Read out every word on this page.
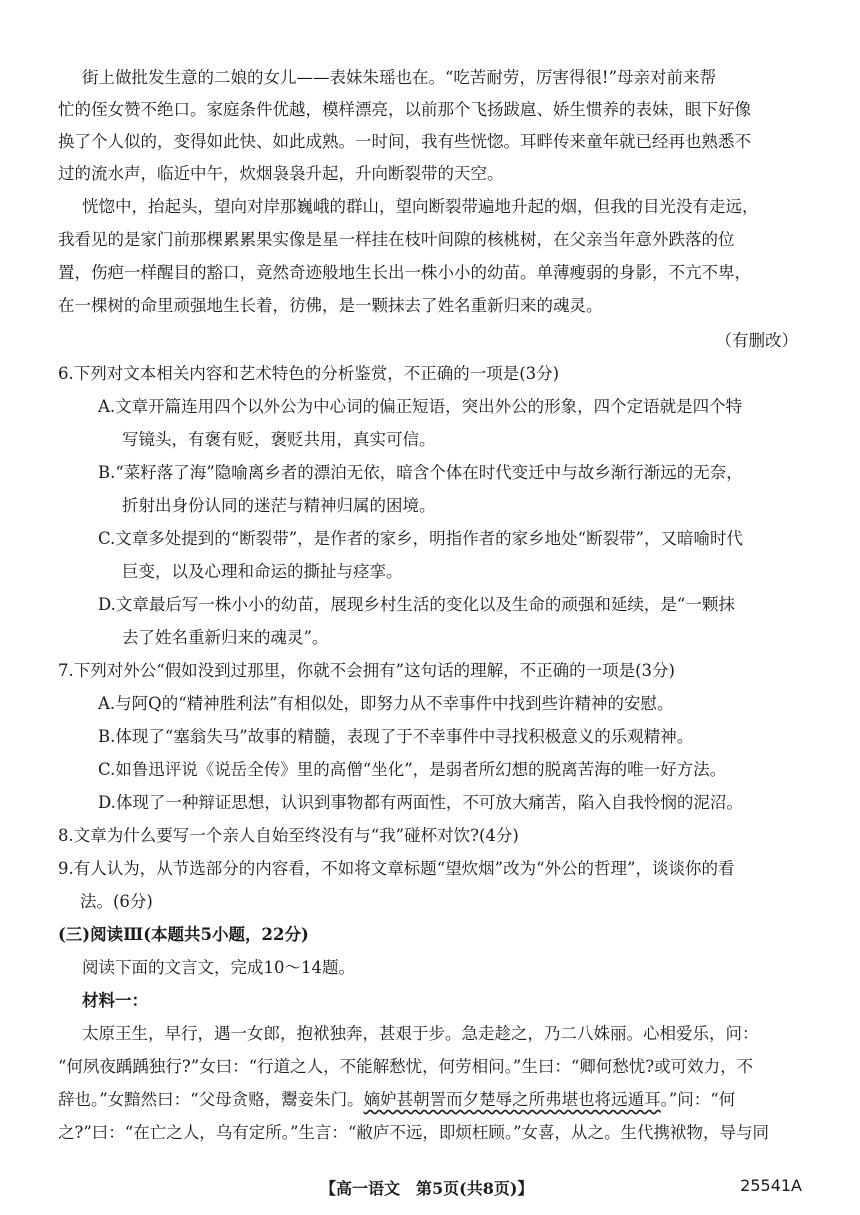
街上做批发生意的二娘的女儿——表妹朱瑶也在。“吃苦耐劳，厉害得很!”母亲对前来帮
忙的侄女赞不绝口。家庭条件优越，模样漂亮，以前那个飞扬跋扈、娇生惯养的表妹，眼下好像
换了个人似的，变得如此快、如此成熟。一时间，我有些恍惚。耳畔传来童年就已经再也熟悉不
过的流水声，临近中午，炊烟袅袅升起，升向断裂带的天空。
恍惚中，抬起头，望向对岸那巍峨的群山，望向断裂带遍地升起的烟，但我的目光没有走远，
我看见的是家门前那棵累累果实像是星一样挂在枝叶间隙的核桃树，在父亲当年意外跌落的位
置，伤疤一样醒目的豁口，竟然奇迹般地生长出一株小小的幼苗。单薄瘦弱的身影，不亢不卑，
在一棵树的命里顽强地生长着，彷佛，是一颗抹去了姓名重新归来的魂灵。
（有删改）
6.下列对文本相关内容和艺术特色的分析鉴赏，不正确的一项是(3分)
A.文章开篇连用四个以外公为中心词的偏正短语，突出外公的形象，四个定语就是四个特
写镜头，有褒有贬，褒贬共用，真实可信。
B.“菜籽落了海”隐喻离乡者的漂泊无依，暗含个体在时代变迁中与故乡渐行渐远的无奈，
折射出身份认同的迷茫与精神归属的困境。
C.文章多处提到的“断裂带”，是作者的家乡，明指作者的家乡地处“断裂带”，又暗喻时代
巨变，以及心理和命运的撕扯与痉挛。
D.文章最后写一株小小的幼苗，展现乡村生活的变化以及生命的顽强和延续，是“一颗抹
去了姓名重新归来的魂灵”。
7.下列对外公“假如没到过那里，你就不会拥有”这句话的理解，不正确的一项是(3分)
A.与阿Q的“精神胜利法”有相似处，即努力从不幸事件中找到些许精神的安慰。
B.体现了“塞翁失马”故事的精髓，表现了于不幸事件中寻找积极意义的乐观精神。
C.如鲁迅评说《说岳全传》里的高僧“坐化”，是弱者所幻想的脱离苦海的唯一好方法。
D.体现了一种辩证思想，认识到事物都有两面性，不可放大痛苦，陷入自我怜悯的泥沼。
8.文章为什么要写一个亲人自始至终没有与“我”碰杯对饮?(4分)
9.有人认为，从节选部分的内容看，不如将文章标题“望炊烟”改为“外公的哲理”，谈谈你的看
法。(6分)
(三)阅读Ⅲ(本题共5小题，22分)
阅读下面的文言文，完成10～14题。
材料一：
太原王生，早行，遇一女郎，抱袱独奔，甚艰于步。急走趁之，乃二八姝丽。心相爱乐，问：
“何夙夜踽踽独行?”女曰：“行道之人，不能解愁忧，何劳相问。”生曰：“卿何愁忧?或可效力，不
辞也。”女黯然曰：“父母贪赂，鬻妾朱门。嫡妒甚朝詈而夕楚辱之所弗堪也将远遁耳。”问：“何
之?”曰：“在亡之人，乌有定所。”生言：“敝庐不远，即烦枉顾。”女喜，从之。生代携袱物，导与同
【高一语文　第5页(共8页)】	25541A
